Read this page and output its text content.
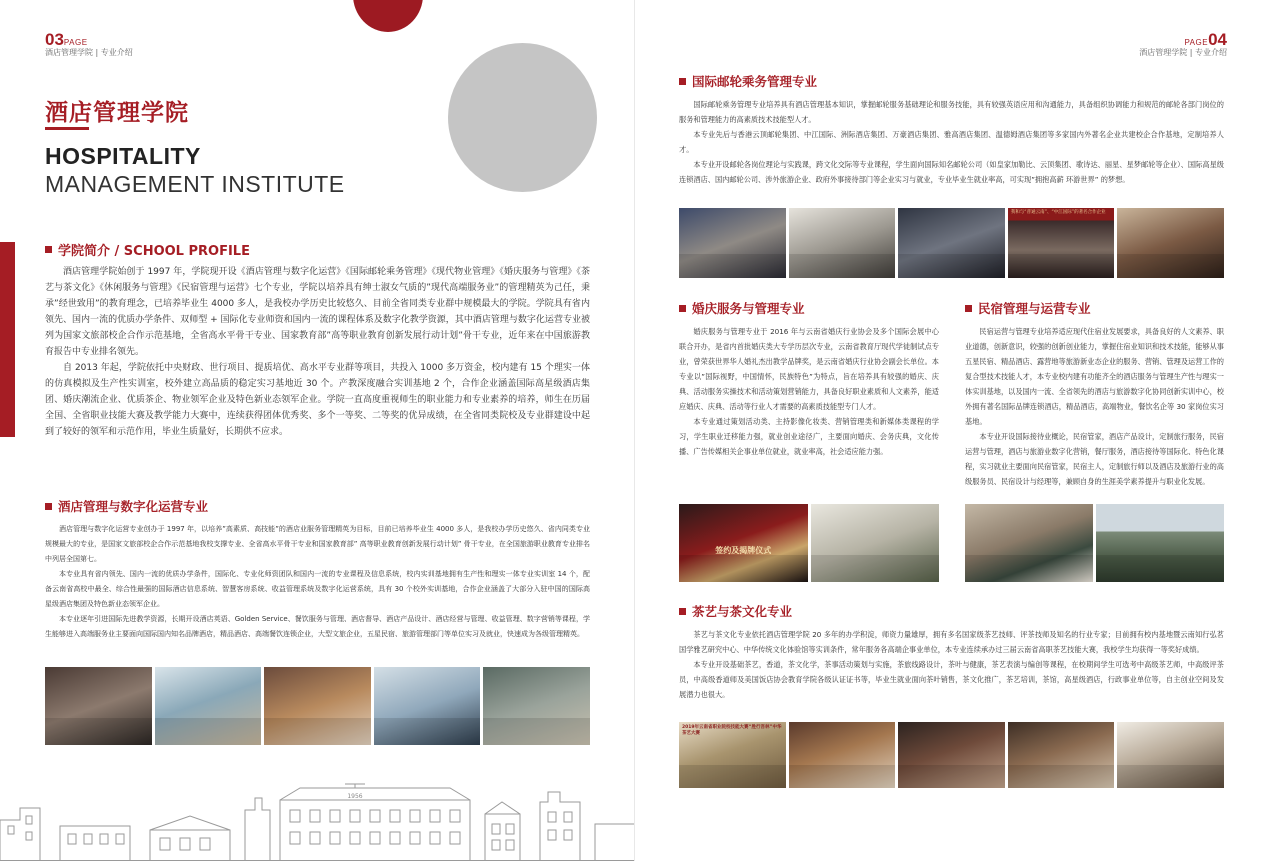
03PAGE
酒店管理学院 | 专业介绍
酒店管理学院
HOSPITALITY
MANAGEMENT INSTITUTE
学院简介 / SCHOOL PROFILE

酒店管理学院始创于 1997 年，学院现开设《酒店管理与数字化运营》《国际邮轮乘务管理》《现代物业管理》《婚庆服务与管理》《茶艺与茶文化》《休闲服务与管理》《民宿管理与运营》七个专业，学院以培养具有绅士淑女气质的”现代高端服务业”的管理精英为己任，秉承”经世致用”的教育理念，已培养毕业生 4000 多人，是我校办学历史比较悠久、目前全省同类专业群中规模最大的学院。学院具有省内领先、国内一流的优质办学条件、双师型 + 国际化专业师资和国内一流的课程体系及数字化教学资源，其中酒店管理与数字化运营专业被列为国家文旅部校企合作示范基地，全省高水平骨干专业、国家教育部”高等职业教育创新发展行动计划”骨干专业，近年来在中国旅游教育报告中专业排名领先。

自 2013 年起，学院依托中央财政、世行项目、提质培优、高水平专业群等项目，共投入 1000 多万资金，校内建有 15 个理实一体的仿真模拟及生产性实训室，校外建立高品质的稳定实习基地近 30 个。产教深度融合实训基地 2 个，合作企业涵盖国际高星级酒店集团、婚庆潮流企业、优质茶企、物业领军企业及特色新业态领军企业。学院一直高度重视师生的职业能力和专业素养的培养，师生在历届全国、全省职业技能大赛及教学能力大赛中，连续获得团体优秀奖、多个一等奖、二等奖的优异成绩，在全省同类院校及专业群建设中起到了较好的领军和示范作用，毕业生质量好，长期供不应求。

酒店管理与数字化运营专业

酒店管理与数字化运营专业创办于 1997 年，以培养”高素质、高技能”的酒店业服务管理精英为目标，目前已培养毕业生 4000 多人，是我校办学历史悠久、省内同类专业规模最大的专业，是国家文旅部校企合作示范基地我校支撑专业、全省高水平骨干专业和国家教育部” 高等职业教育创新发展行动计划” 骨干专业，在全国旅游职业教育专业排名中列居全国第七。

本专业具有省内领先、国内一流的优质办学条件，国际化、专业化师资团队和国内一流的专业课程及信息系统，校内实训基地拥有生产性和理实一体专业实训室 14 个，配备云南省高校中最全、综合性最强的国际酒店信息系统、智慧客房系统、收益管理系统及数字化运营系统，具有 30 个校外实训基地，合作企业涵盖了大部分入驻中国的国际高星级酒店集团及特色新业态领军企业。

本专业逐年引进国际先进教学资源，长期开设酒店英语、Golden Service、餐饮服务与管理、酒店督导、酒店产品设计、酒店经营与管理、收益管理、数字营销等课程，学生能够进入高端服务业主要面向国际国内知名品牌酒店，精品酒店、高端餐饮连锁企业，大型文旅企业，五星民宿、旅游管理部门等单位实习及就业，快速成为各级管理精英。

1956
PAGE04
酒店管理学院 | 专业介绍
国际邮轮乘务管理专业

国际邮轮乘务管理专业培养具有酒店管理基本知识，掌握邮轮服务基础理论和服务技能，具有较强英语应用和沟通能力，具备组织协调能力和规范的邮轮各部门岗位的服务和管理能力的高素质技术技能型人才。

本专业先后与香港云顶邮轮集团、中江国际、洲际酒店集团、万豪酒店集团、雅高酒店集团、温德姆酒店集团等多家国内外著名企业共建校企合作基地，定制培养人才。

本专业开设邮轮各岗位理论与实践课，跨文化交际等专业课程，学生面向国际知名邮轮公司（如皇家加勒比、云顶集团、歌诗达、丽星、星梦邮轮等企业）、国际高星级连锁酒店、国内邮轮公司、涉外旅游企业、政府外事接待部门等企业实习与就业，专业毕业生就业率高，可实现”拥抱高薪 环游世界” 的梦想。

我和与“普通云南”、“中江国际”的著名合作企业
婚庆服务与管理专业

婚庆服务与管理专业于 2016 年与云南省婚庆行业协会及多个国际会展中心联合开办，是省内首批婚庆类大专学历层次专业，云南省教育厅现代学徒制试点专业，曾荣获世界华人婚礼杰出教学品牌奖，是云南省婚庆行业协会副会长单位。本专业以”国际视野，中国情怀，民族特色”为特点，旨在培养具有较强的婚庆、庆典、活动服务实操技术和活动策划营销能力，具备良好职业素质和人文素养，能适应婚庆、庆典、活动等行业人才需要的高素质技能型专门人才。

本专业通过策划活动类、主持影像化妆类、营销管理类和新媒体类课程的学习，学生职业迁移能力强，就业创业途径广，主要面向婚庆、会务庆典，文化传播、广告传媒相关企事业单位就业，就业率高，社会适应能力强。

签约及揭牌仪式
民宿管理与运营专业

民宿运营与管理专业培养适应现代住宿业发展要求，具备良好的人文素养、职业道德，创新意识，较强的创新创业能力，掌握住宿业知识和技术技能，能够从事五星民宿、精品酒店、露营地等旅游新业态企业的服务、营销、管理及运营工作的复合型技术技能人才，本专业校内建有功能齐全的酒店服务与管理生产性与理实一体实训基地，以及国内一流、全省领先的酒店与旅游数字化协同创新实训中心，校外拥有著名国际品牌连锁酒店，精品酒店，高端物业，餐饮名企等 30 家岗位实习基地。

本专业开设国际接待业概论，民宿管家，酒店产品设计，定制旅行服务，民宿运营与管理，酒店与旅游业数字化营销，餐厅服务，酒店接待等国际化、特色化课程，实习就业主要面向民宿管家，民宿主人，定制旅行师以及酒店及旅游行业的高级服务员、民宿设计与经理等，兼顾自身的生涯美学素养提升与职业化发展。

茶艺与茶文化专业

茶艺与茶文化专业依托酒店管理学院 20 多年的办学积淀，师资力量雄厚，拥有多名国家级茶艺技师、评茶技师及知名的行业专家；目前拥有校内基地暨云南知行弘茗国学雅艺研究中心、中华传统文化体验馆等实训条件，常年服务各高端企事业单位，本专业连续承办过三届云南省高职茶艺技能大赛，我校学生均获得一等奖好成绩。

本专业开设基础茶艺，香道，茶文化学，茶事活动策划与实施，茶旅线路设计，茶叶与健康，茶艺表演与编创等课程，在校期间学生可选考中高级茶艺师，中高级评茶员，中高级香道师及美国饭店协会教育学院各级认证证书等，毕业生就业面向茶叶销售，茶文化推广，茶艺培训，茶馆，高星级酒店，行政事业单位等，自主创业空间及发展潜力也很大。

2019年云南省职业院校技能大赛“胜行吾林”中华茶艺大赛
